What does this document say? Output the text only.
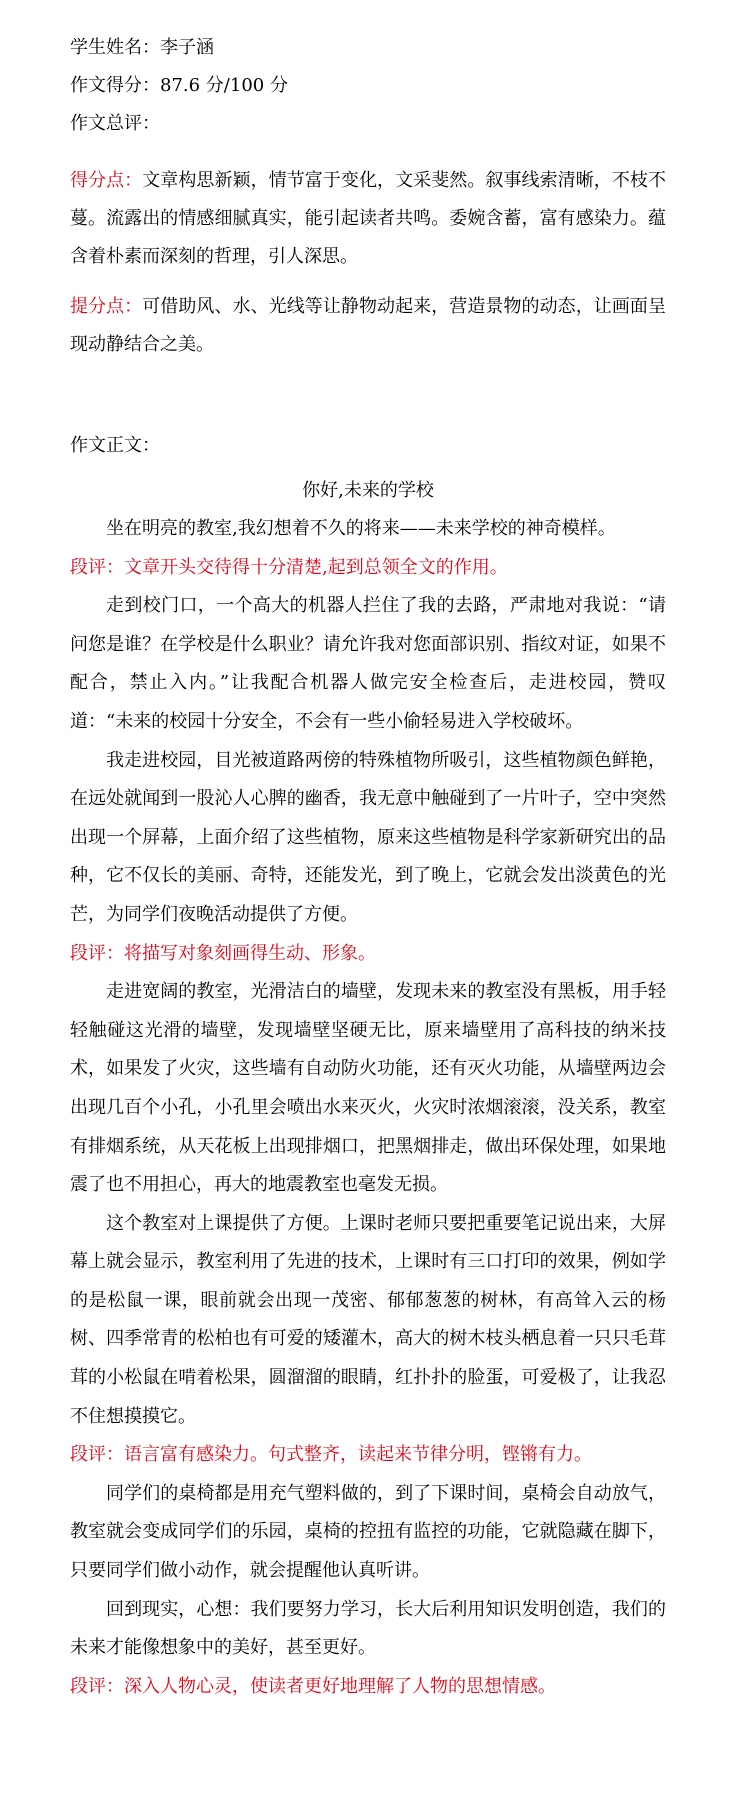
学生姓名：李子涵
作文得分：87.6 分/100 分
作文总评：

得分点：文章构思新颖，情节富于变化，文采斐然。叙事线索清晰，不枝不蔓。流露出的情感细腻真实，能引起读者共鸣。委婉含蓄，富有感染力。蕴含着朴素而深刻的哲理，引人深思。

提分点：可借助风、水、光线等让静物动起来，营造景物的动态，让画面呈现动静结合之美。

作文正文：
你好,未来的学校

坐在明亮的教室,我幻想着不久的将来——未来学校的神奇模样。

段评：文章开头交待得十分清楚,起到总领全文的作用。

走到校门口，一个高大的机器人拦住了我的去路，严肃地对我说：“请问您是谁？在学校是什么职业？请允许我对您面部识别、指纹对证，如果不配合，禁止入内。”让我配合机器人做完安全检查后，走进校园，赞叹道：“未来的校园十分安全，不会有一些小偷轻易进入学校破坏。

我走进校园，目光被道路两傍的特殊植物所吸引，这些植物颜色鲜艳，在远处就闻到一股沁人心脾的幽香，我无意中触碰到了一片叶子，空中突然出现一个屏幕，上面介绍了这些植物，原来这些植物是科学家新研究出的品种，它不仅长的美丽、奇特，还能发光，到了晚上，它就会发出淡黄色的光芒，为同学们夜晚活动提供了方便。

段评：将描写对象刻画得生动、形象。

走进宽阔的教室，光滑洁白的墙壁，发现未来的教室没有黑板，用手轻轻触碰这光滑的墙壁，发现墙壁坚硬无比，原来墙壁用了高科技的纳米技术，如果发了火灾，这些墙有自动防火功能，还有灭火功能，从墙壁两边会出现几百个小孔，小孔里会喷出水来灭火，火灾时浓烟滚滚，没关系，教室有排烟系统，从天花板上出现排烟口，把黑烟排走，做出环保处理，如果地震了也不用担心，再大的地震教室也毫发无损。

这个教室对上课提供了方便。上课时老师只要把重要笔记说出来，大屏幕上就会显示，教室利用了先进的技术，上课时有三口打印的效果，例如学的是松鼠一课，眼前就会出现一茂密、郁郁葱葱的树林，有高耸入云的杨树、四季常青的松柏也有可爱的矮灌木，高大的树木枝头栖息着一只只毛茸茸的小松鼠在啃着松果，圆溜溜的眼睛，红扑扑的脸蛋，可爱极了，让我忍不住想摸摸它。

段评：语言富有感染力。句式整齐，读起来节律分明，铿锵有力。

同学们的桌椅都是用充气塑料做的，到了下课时间，桌椅会自动放气，教室就会变成同学们的乐园，桌椅的控扭有监控的功能，它就隐藏在脚下，只要同学们做小动作，就会提醒他认真听讲。

回到现实，心想：我们要努力学习，长大后利用知识发明创造，我们的未来才能像想象中的美好，甚至更好。

段评：深入人物心灵，使读者更好地理解了人物的思想情感。
